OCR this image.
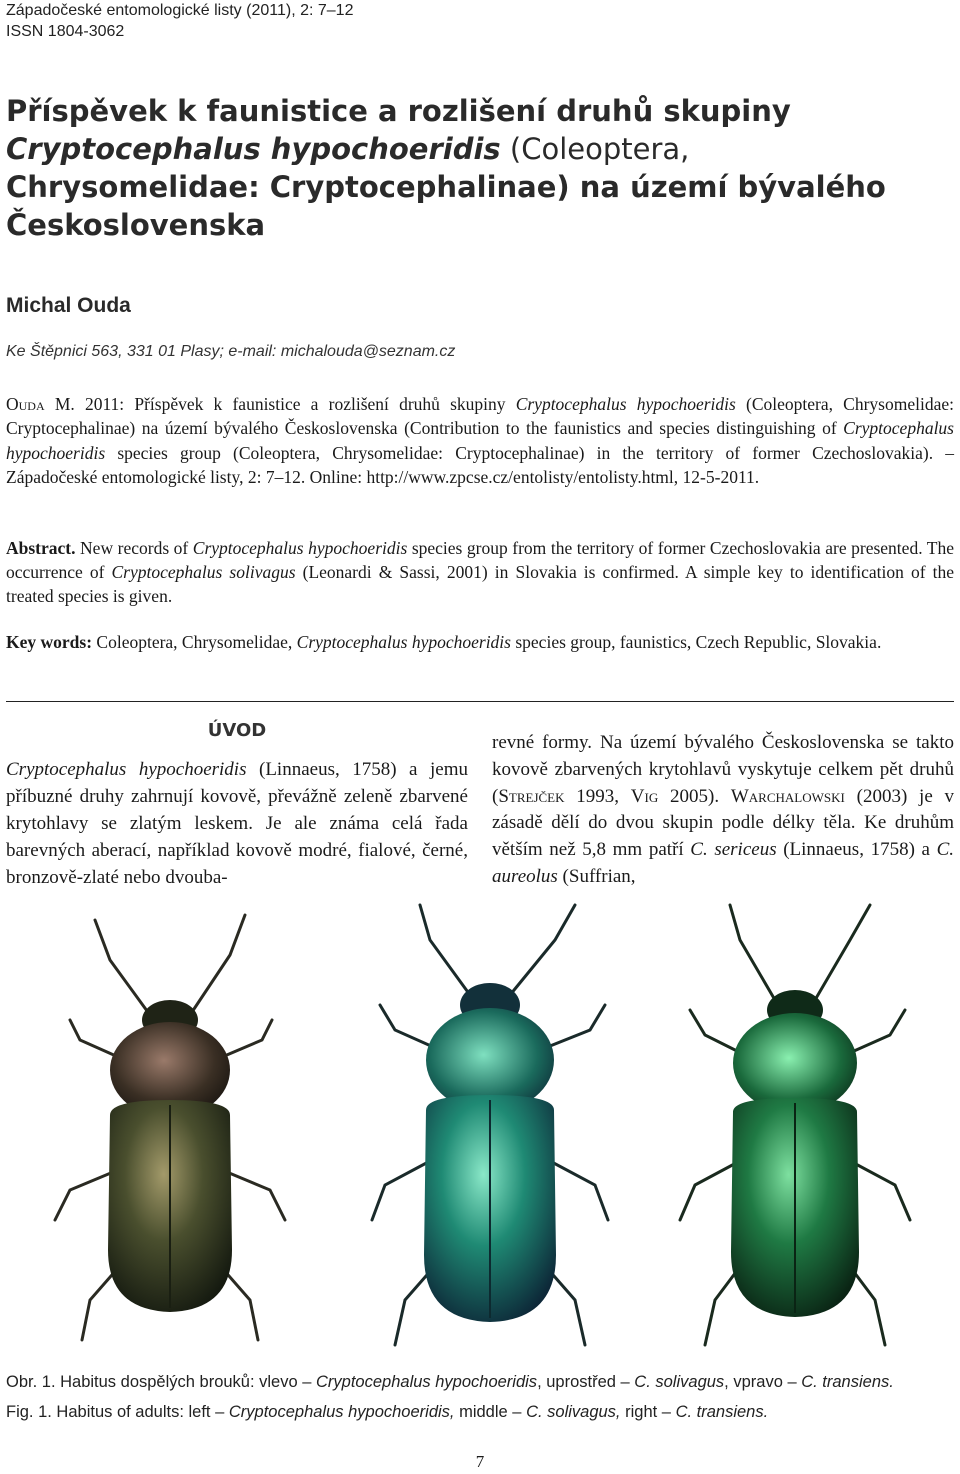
Západočeské entomologické listy (2011), 2: 7–12
ISSN 1804-3062
Příspěvek k faunistice a rozlišení druhů skupiny
Cryptocephalus hypochoeridis (Coleoptera,
Chrysomelidae: Cryptocephalinae) na území bývalého
Československa
Michal Ouda
Ke Štěpnici 563, 331 01 Plasy; e-mail: michalouda@seznam.cz
Ouda M. 2011: Příspěvek k faunistice a rozlišení druhů skupiny Cryptocephalus hypochoeridis (Coleoptera, Chrysomelidae: Cryptocephalinae) na území bývalého Československa (Contribution to the faunistics and species distinguishing of Cryptocephalus hypochoeridis species group (Coleoptera, Chrysomelidae: Cryptocephalinae) in the territory of former Czechoslovakia). – Západočeské entomologické listy, 2: 7–12. Online: http://www.zpcse.cz/entolisty/entolisty.html, 12-5-2011.
Abstract. New records of Cryptocephalus hypochoeridis species group from the territory of former Czechoslovakia are presented. The occurrence of Cryptocephalus solivagus (Leonardi & Sassi, 2001) in Slovakia is confirmed. A simple key to identification of the treated species is given.
Key words: Coleoptera, Chrysomelidae, Cryptocephalus hypochoeridis species group, faunistics, Czech Republic, Slovakia.
ÚVOD

Cryptocephalus hypochoeridis (Linnaeus, 1758) a jemu příbuzné druhy zahrnují kovově, převážně zeleně zbarvené krytohlavy se zlatým leskem. Je ale známa celá řada barevných aberací, například kovově modré, fialové, černé, bronzově-zlaté nebo dvouba-

revné formy. Na území bývalého Československa se takto kovově zbarvených krytohlavů vyskytuje celkem pět druhů (Strejček 1993, Vig 2005). Warchalowski (2003) je v zásadě dělí do dvou skupin podle délky těla. Ke druhům větším než 5,8 mm patří C. sericeus (Linnaeus, 1758) a C. aureolus (Suffrian,

Obr. 1. Habitus dospělých brouků: vlevo – Cryptocephalus hypochoeridis, uprostřed – C. solivagus, vpravo – C. transiens.

Fig. 1. Habitus of adults: left – Cryptocephalus hypochoeridis, middle – C. solivagus, right – C. transiens.

7
